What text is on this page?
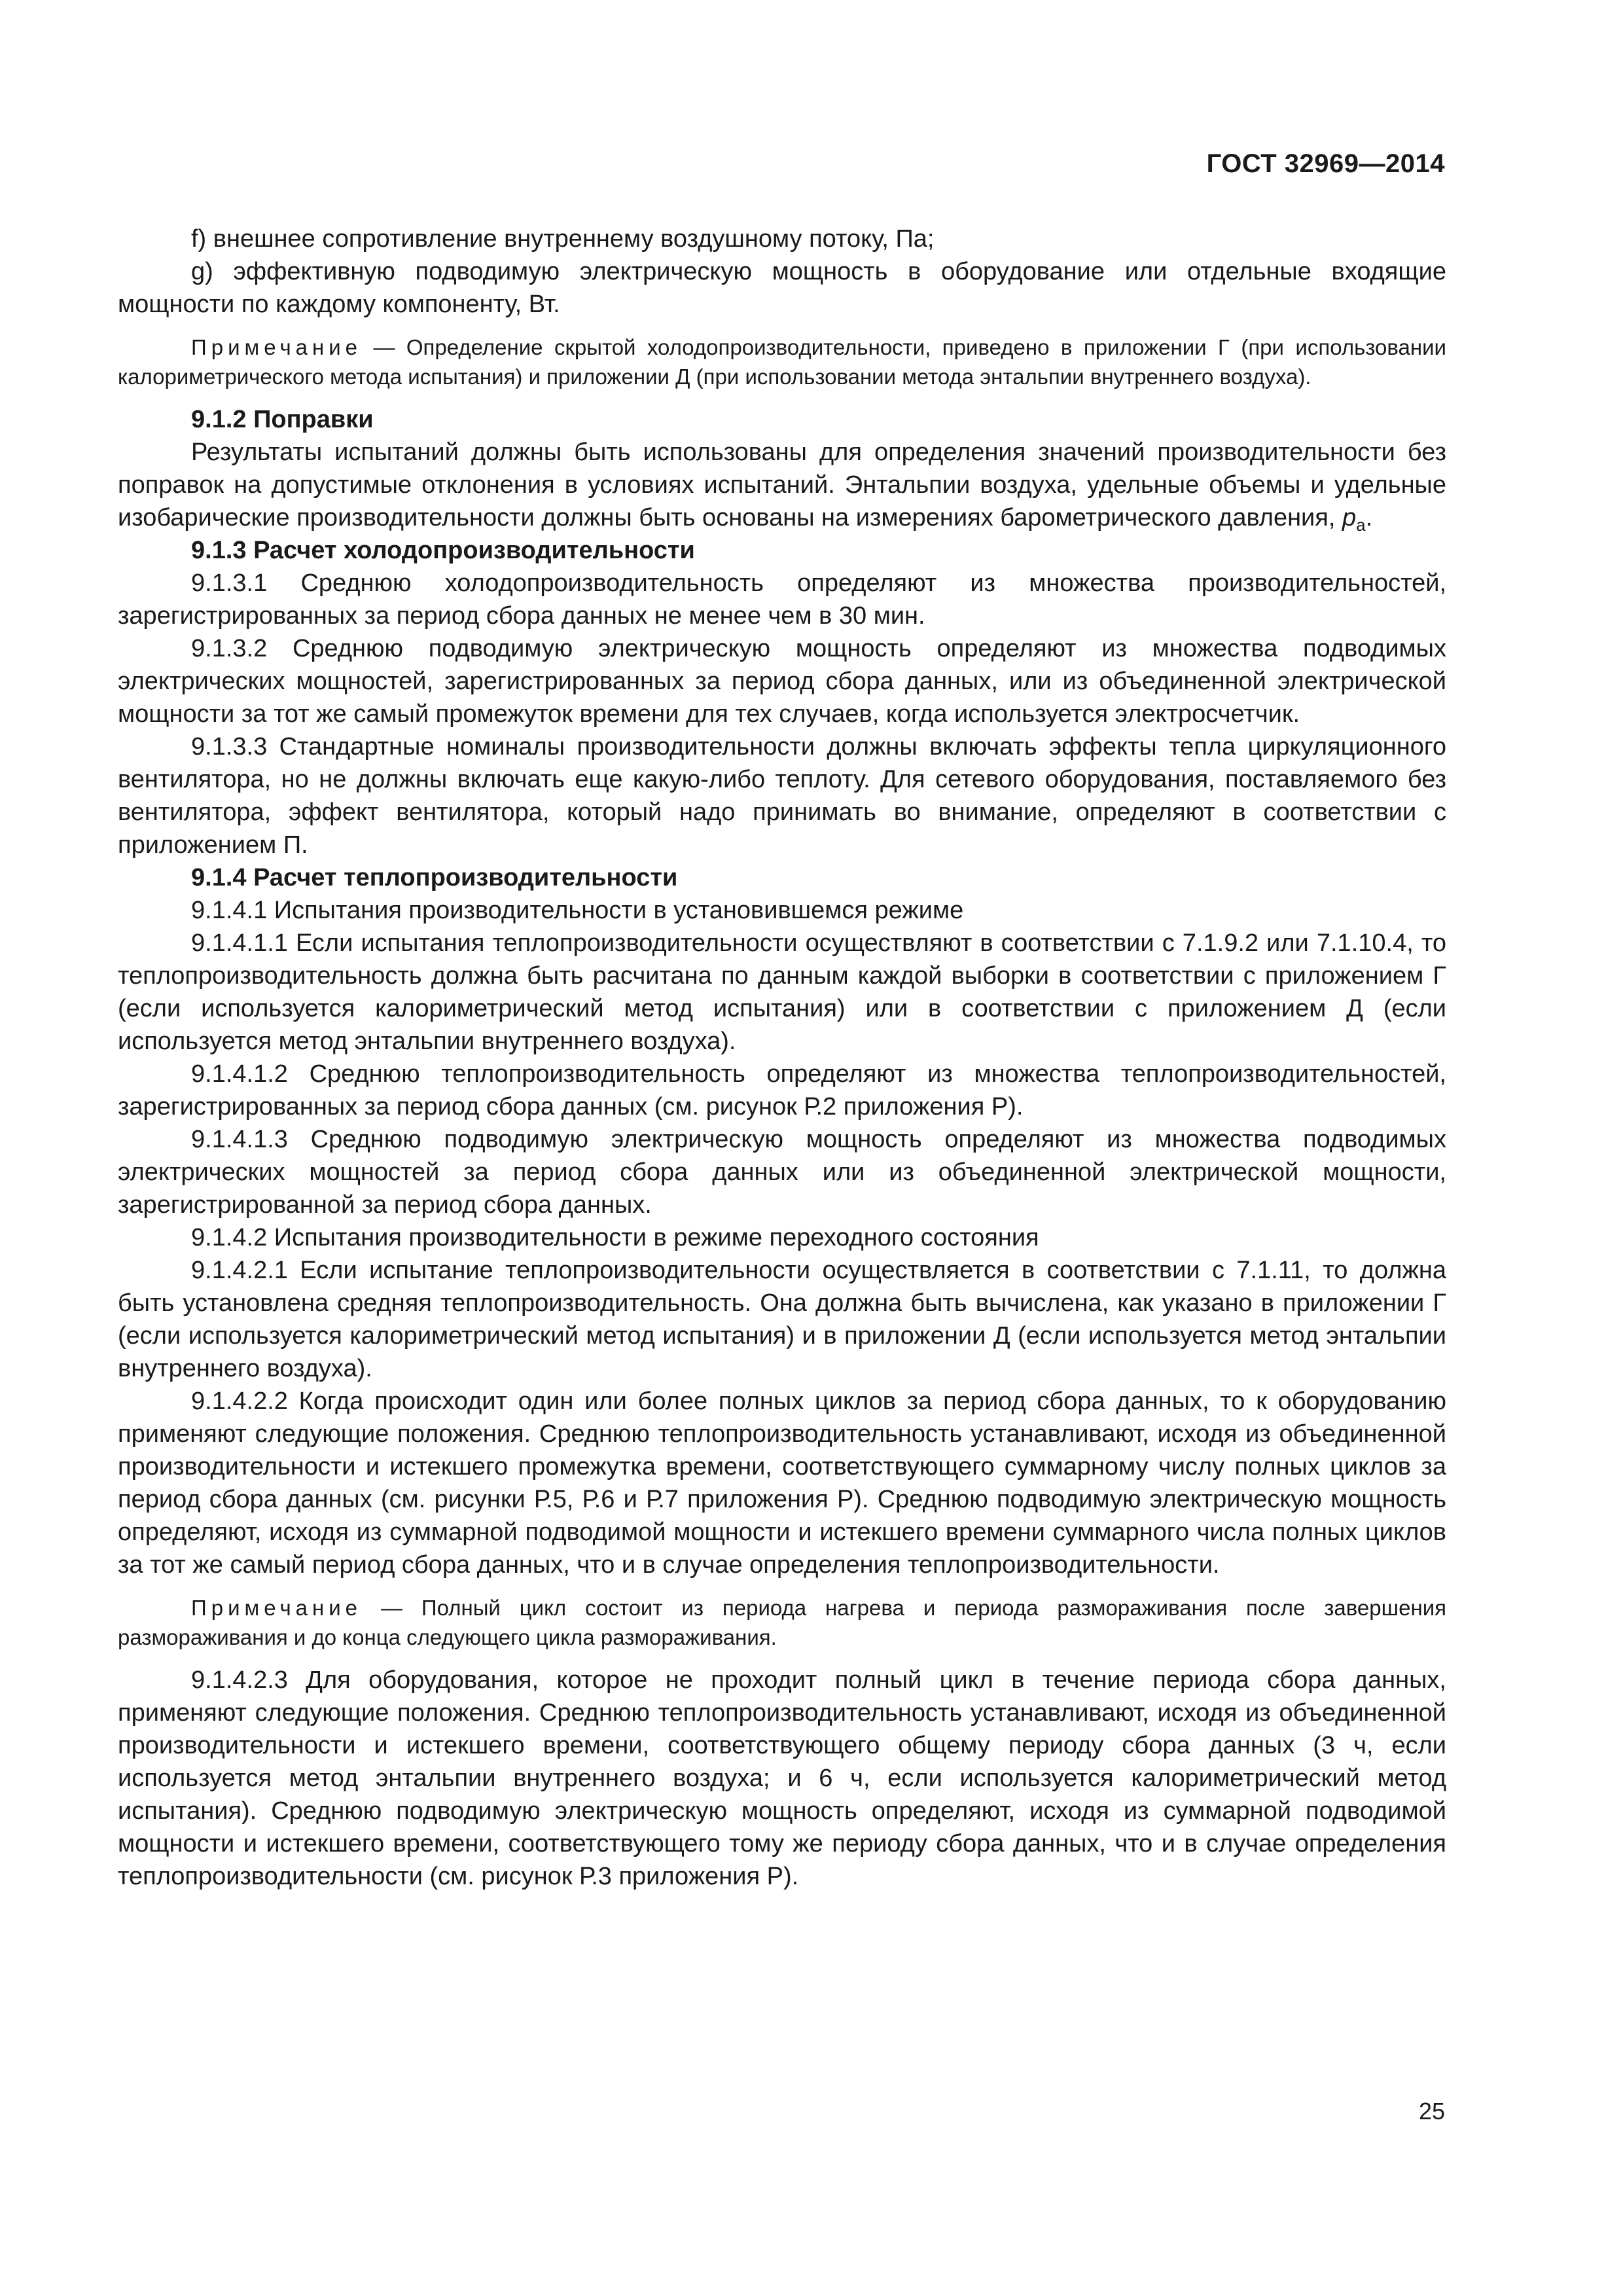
ГОСТ 32969—2014

f) внешнее сопротивление внутреннему воздушному потоку, Па;

g) эффективную подводимую электрическую мощность в оборудование или отдельные входящие мощности по каждому компоненту, Вт.

Примечание — Определение скрытой холодопроизводительности, приведено в приложении Г (при использовании калориметрического метода испытания) и приложении Д (при использовании метода энтальпии внутреннего воздуха).

9.1.2 Поправки

Результаты испытаний должны быть использованы для определения значений производительности без поправок на допустимые отклонения в условиях испытаний. Энтальпии воздуха, удельные объемы и удельные изобарические производительности должны быть основаны на измерениях барометрического давления, $p_a$.

9.1.3 Расчет холодопроизводительности

9.1.3.1 Среднюю холодопроизводительность определяют из множества производительностей, зарегистрированных за период сбора данных не менее чем в 30 мин.

9.1.3.2 Среднюю подводимую электрическую мощность определяют из множества подводимых электрических мощностей, зарегистрированных за период сбора данных, или из объединенной электрической мощности за тот же самый промежуток времени для тех случаев, когда используется электросчетчик.

9.1.3.3 Стандартные номиналы производительности должны включать эффекты тепла циркуляционного вентилятора, но не должны включать еще какую-либо теплоту. Для сетевого оборудования, поставляемого без вентилятора, эффект вентилятора, который надо принимать во внимание, определяют в соответствии с приложением П.

9.1.4 Расчет теплопроизводительности

9.1.4.1 Испытания производительности в установившемся режиме

9.1.4.1.1 Если испытания теплопроизводительности осуществляют в соответствии с 7.1.9.2 или 7.1.10.4, то теплопроизводительность должна быть расчитана по данным каждой выборки в соответствии с приложением Г (если используется калориметрический метод испытания) или в соответствии с приложением Д (если используется метод энтальпии внутреннего воздуха).

9.1.4.1.2 Среднюю теплопроизводительность определяют из множества теплопроизводительностей, зарегистрированных за период сбора данных (см. рисунок Р.2 приложения Р).

9.1.4.1.3 Среднюю подводимую электрическую мощность определяют из множества подводимых электрических мощностей за период сбора данных или из объединенной электрической мощности, зарегистрированной за период сбора данных.

9.1.4.2 Испытания производительности в режиме переходного состояния

9.1.4.2.1 Если испытание теплопроизводительности осуществляется в соответствии с 7.1.11, то должна быть установлена средняя теплопроизводительность. Она должна быть вычислена, как указано в приложении Г (если используется калориметрический метод испытания) и в приложении Д (если используется метод энтальпии внутреннего воздуха).

9.1.4.2.2 Когда происходит один или более полных циклов за период сбора данных, то к оборудованию применяют следующие положения. Среднюю теплопроизводительность устанавливают, исходя из объединенной производительности и истекшего промежутка времени, соответствующего суммарному числу полных циклов за период сбора данных (см. рисунки Р.5, Р.6 и Р.7 приложения Р). Среднюю подводимую электрическую мощность определяют, исходя из суммарной подводимой мощности и истекшего времени суммарного числа полных циклов за тот же самый период сбора данных, что и в случае определения теплопроизводительности.

Примечание — Полный цикл состоит из периода нагрева и периода размораживания после завершения размораживания и до конца следующего цикла размораживания.

9.1.4.2.3 Для оборудования, которое не проходит полный цикл в течение периода сбора данных, применяют следующие положения. Среднюю теплопроизводительность устанавливают, исходя из объединенной производительности и истекшего времени, соответствующего общему периоду сбора данных (3 ч, если используется метод энтальпии внутреннего воздуха; и 6 ч, если используется калориметрический метод испытания). Среднюю подводимую электрическую мощность определяют, исходя из суммарной подводимой мощности и истекшего времени, соответствующего тому же периоду сбора данных, что и в случае определения теплопроизводительности (см. рисунок Р.3 приложения Р).

25
